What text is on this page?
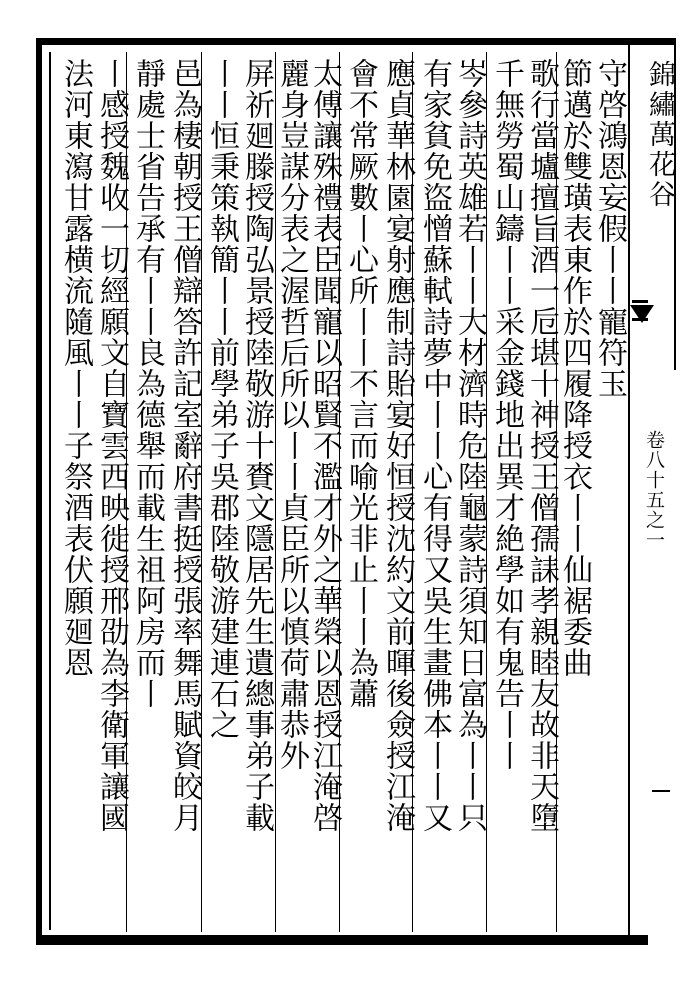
錦繡萬花谷
卷八十五之一
守啓鴻恩妄假丨丨寵符玉
節邁於雙璜表東作於四履降授衣丨丨仙裾委曲
歌行當壚擅旨酒一卮堪十神授王僧孺誄孝親睦友故非天墮
千無勞蜀山鑄丨丨采金錢地出異才絶學如有鬼告丨丨
岑參詩英雄若丨丨大材濟時危陸龜蒙詩須知日富為丨丨只
有家貧免盜憎蘇軾詩夢中丨丨心有得又吳生畫佛本丨丨又
應貞華林園宴射應制詩貽宴好恒授沈約文前暉後僉授江淹
會不常厥數丨心所丨丨不言而喻光非止丨丨為蕭
太傅讓殊禮表臣聞寵以昭賢不濫才外之華榮以恩授江淹啓
麗身豈謀分表之渥哲后所以丨丨貞臣所以慎荷肅恭外
屏祈廻滕授陶弘景授陸敬游十賚文隱居先生遺總事弟子載
丨丨恒秉策執簡丨丨前學弟子吳郡陸敬游建連石之
邑為棲朝授王僧辯答許記室辭府書挺授張率舞馬賦資皎月
靜處士省告承有丨丨良為德舉而載生祖阿房而丨
丨感授魏收一切經願文自寶雲西映徙授邢劭為李衛軍讓國
法河東瀉甘露横流隨風丨丨子祭酒表伏願廻恩
